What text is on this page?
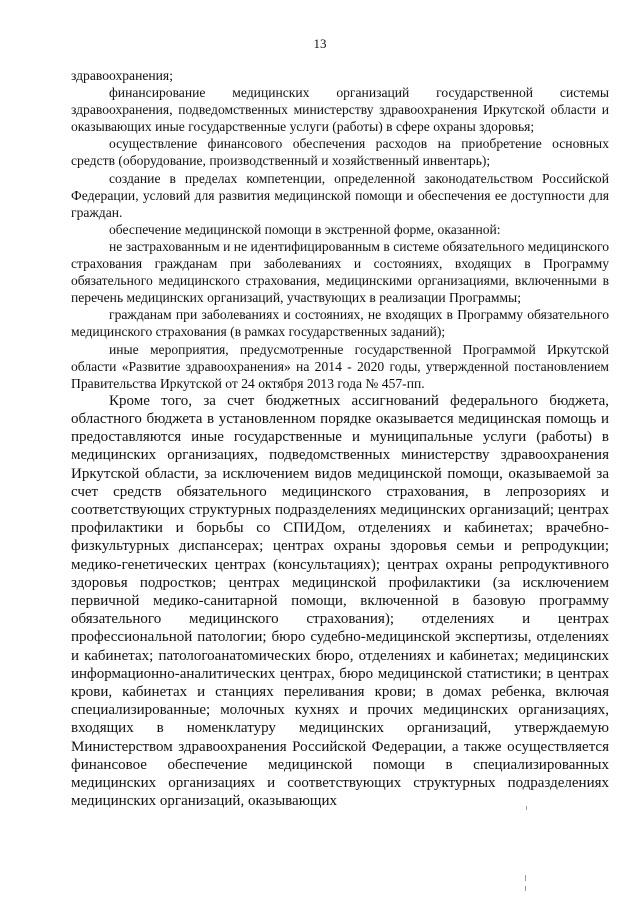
13

здравоохранения;

финансирование медицинских организаций государственной системы здравоохранения, подведомственных министерству здравоохранения Иркутской области и оказывающих иные государственные услуги (работы) в сфере охраны здоровья;

осуществление финансового обеспечения расходов на приобретение основных средств (оборудование, производственный и хозяйственный инвентарь);

создание в пределах компетенции, определенной законодательством Российской Федерации, условий для развития медицинской помощи и обеспечения ее доступности для граждан.

обеспечение медицинской помощи в экстренной форме, оказанной:

не застрахованным и не идентифицированным в системе обязательного медицинского страхования гражданам при заболеваниях и состояниях, входящих в Программу обязательного медицинского страхования, медицинскими организациями, включенными в перечень медицинских организаций, участвующих в реализации Программы;

гражданам при заболеваниях и состояниях, не входящих в Программу обязательного медицинского страхования (в рамках государственных заданий);

иные мероприятия, предусмотренные государственной Программой Иркутской области «Развитие здравоохранения» на 2014 - 2020 годы, утвержденной постановлением Правительства Иркутской от 24 октября 2013 года № 457-пп.

Кроме того, за счет бюджетных ассигнований федерального бюджета, областного бюджета в установленном порядке оказывается медицинская помощь и предоставляются иные государственные и муниципальные услуги (работы) в медицинских организациях, подведомственных министерству здравоохранения Иркутской области, за исключением видов медицинской помощи, оказываемой за счет средств обязательного медицинского страхования, в лепрозориях и соответствующих структурных подразделениях медицинских организаций; центрах профилактики и борьбы со СПИДом, отделениях и кабинетах; врачебно-физкультурных диспансерах; центрах охраны здоровья семьи и репродукции; медико-генетических центрах (консультациях); центрах охраны репродуктивного здоровья подростков; центрах медицинской профилактики (за исключением первичной медико-санитарной помощи, включенной в базовую программу обязательного медицинского страхования); отделениях и центрах профессиональной патологии; бюро судебно-медицинской экспертизы, отделениях и кабинетах; патологоанатомических бюро, отделениях и кабинетах; медицинских информационно-аналитических центрах, бюро медицинской статистики; в центрах крови, кабинетах и станциях переливания крови; в домах ребенка, включая специализированные; молочных кухнях и прочих медицинских организациях, входящих в номенклатуру медицинских организаций, утверждаемую Министерством здравоохранения Российской Федерации, а также осуществляется финансовое обеспечение медицинской помощи в специализированных медицинских организациях и соответствующих структурных подразделениях медицинских организаций, оказывающих
